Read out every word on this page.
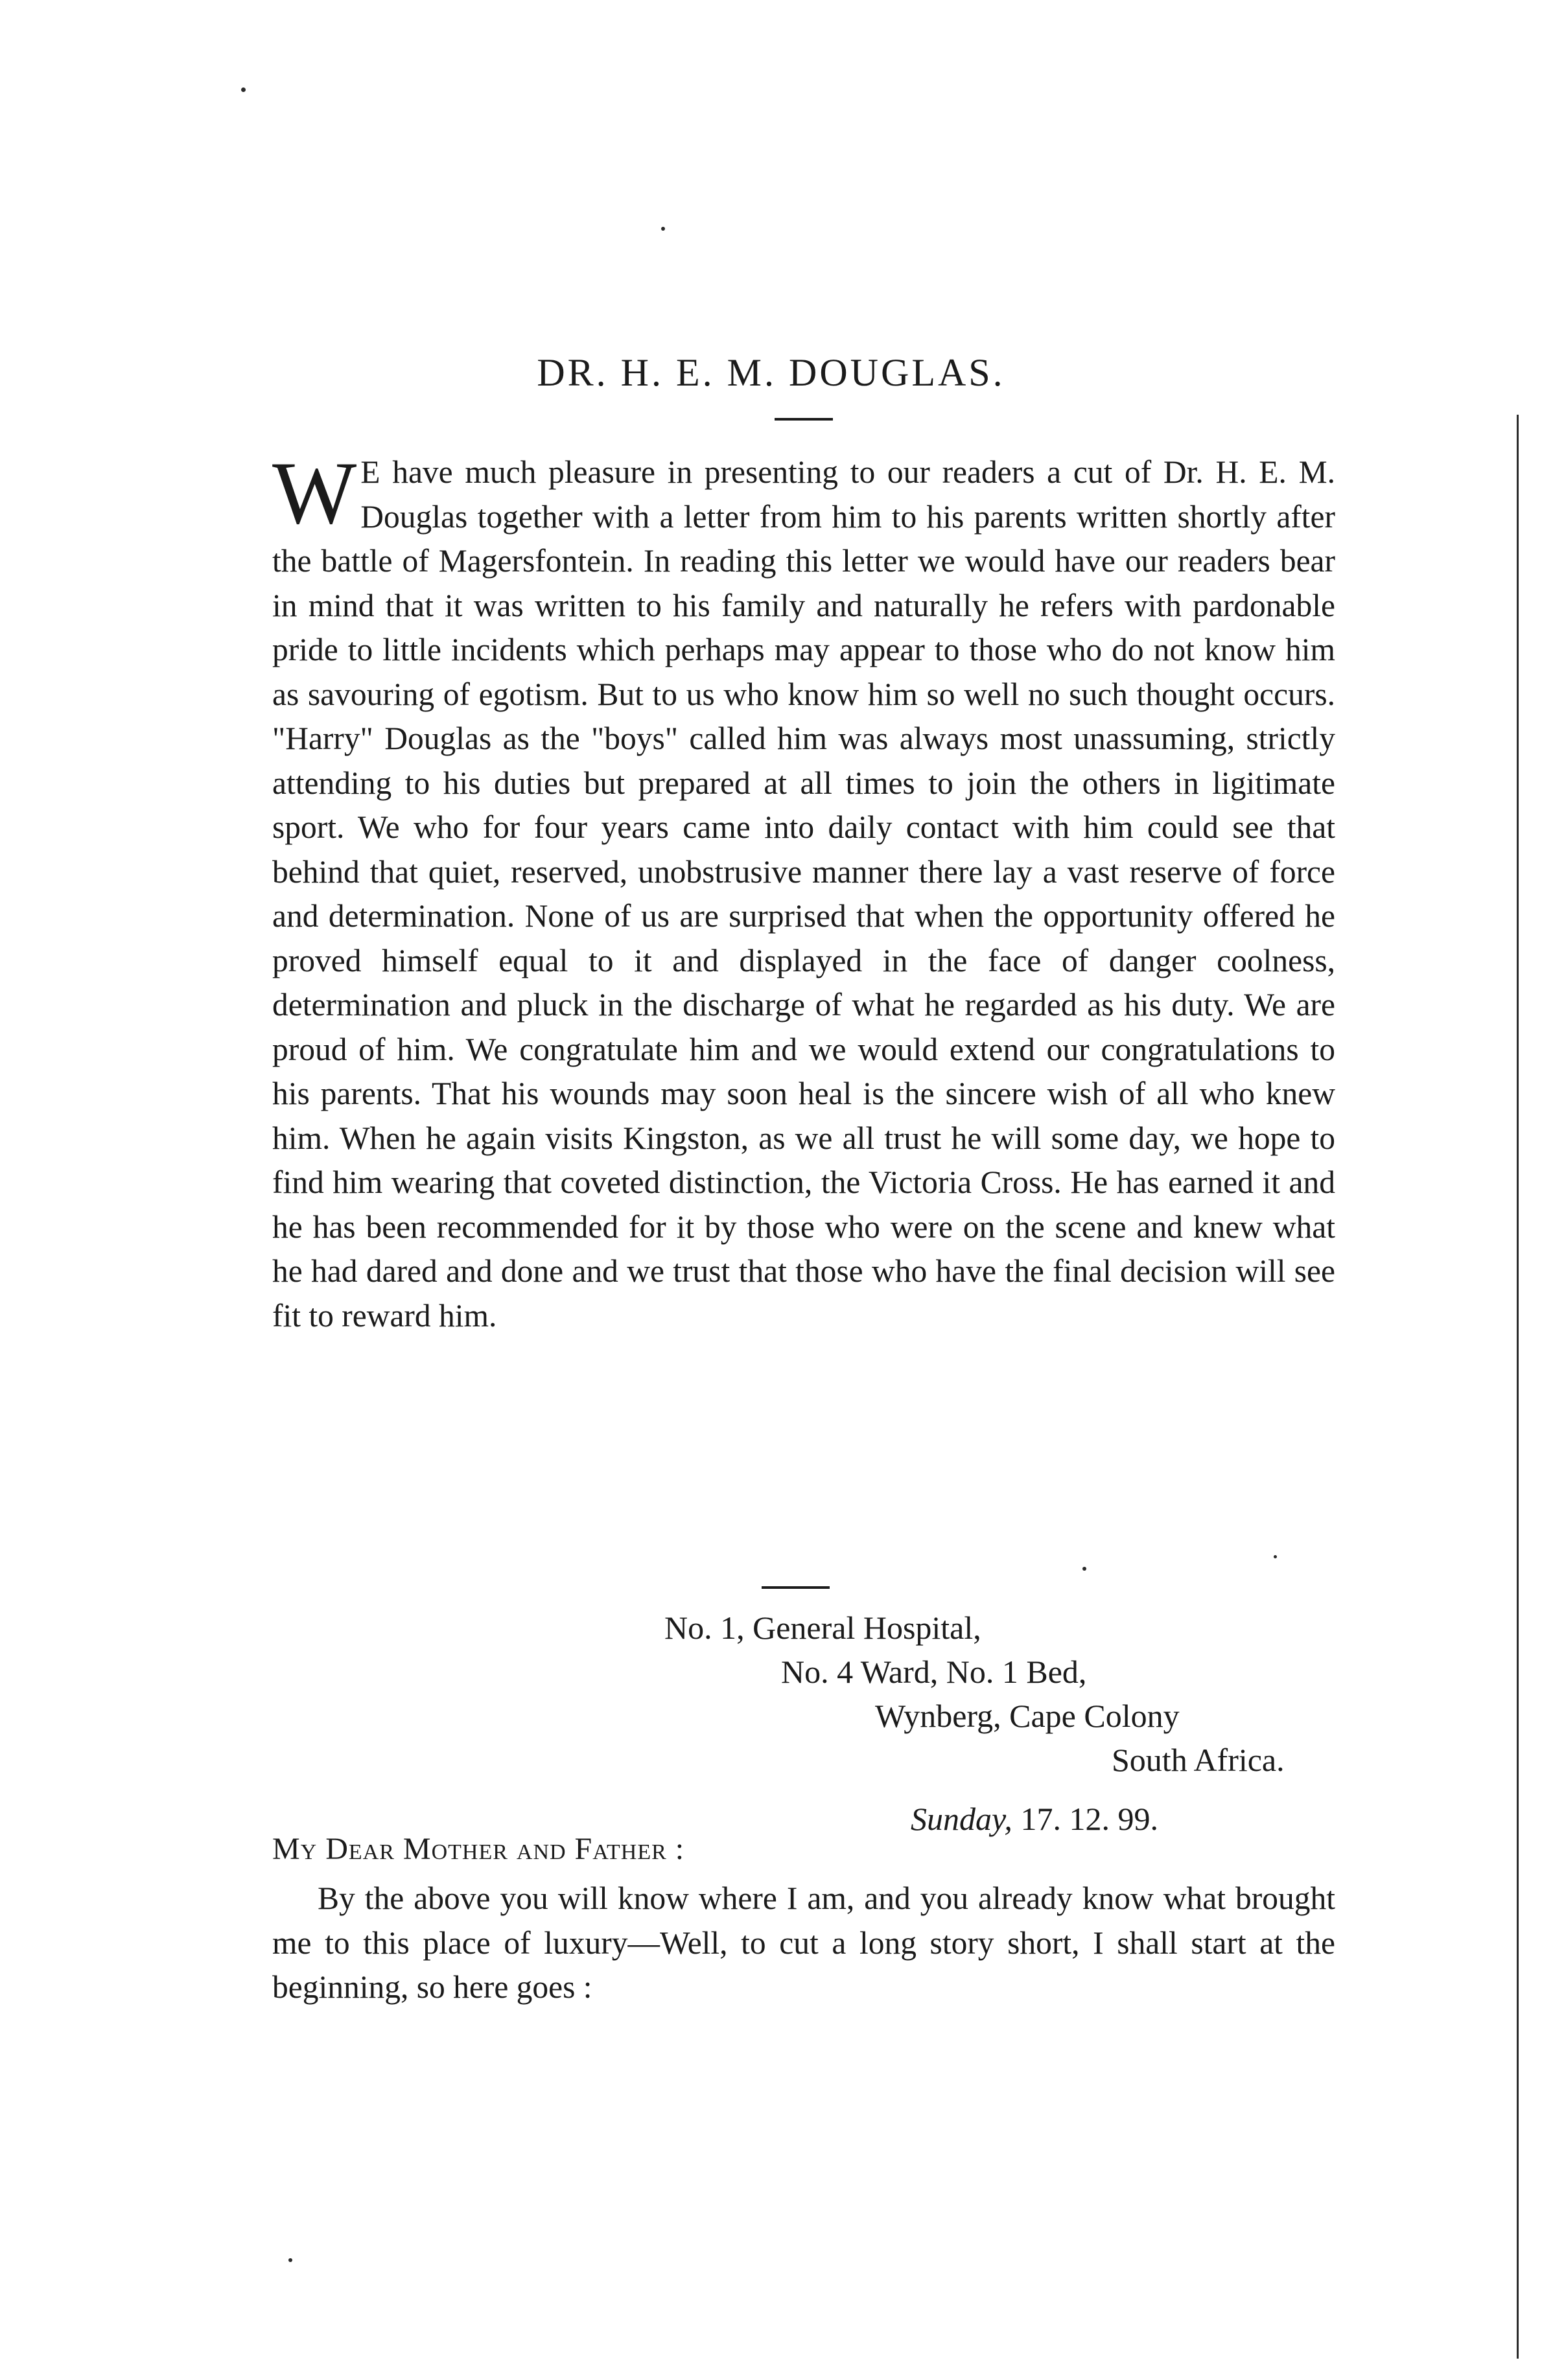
DR. H. E. M. DOUGLAS.

W E have much pleasure in presenting to our readers a cut of Dr. H. E. M. Douglas together with a letter from him to his parents written shortly after the battle of Magersfontein. In reading this letter we would have our readers bear in mind that it was written to his family and naturally he refers with pardonable pride to little incidents which perhaps may appear to those who do not know him as savouring of egotism. But to us who know him so well no such thought occurs. "Harry" Douglas as the "boys" called him was always most unassuming, strictly attending to his duties but prepared at all times to join the others in ligitimate sport. We who for four years came into daily contact with him could see that behind that quiet, reserved, unobstrusive manner there lay a vast reserve of force and determination. None of us are surprised that when the opportunity offered he proved himself equal to it and displayed in the face of danger coolness, determination and pluck in the discharge of what he regarded as his duty. We are proud of him. We congratulate him and we would extend our congratulations to his parents. That his wounds may soon heal is the sincere wish of all who knew him. When he again visits Kingston, as we all trust he will some day, we hope to find him wearing that coveted distinction, the Victoria Cross. He has earned it and he has been recommended for it by those who were on the scene and knew what he had dared and done and we trust that those who have the final decision will see fit to reward him.

No. 1, General Hospital,

No. 4 Ward, No. 1 Bed,

Wynberg, Cape Colony

South Africa.

Sunday, 17. 12. 99.
My Dear Mother and Father :

By the above you will know where I am, and you already know what brought me to this place of luxury—Well, to cut a long story short, I shall start at the beginning, so here goes :
